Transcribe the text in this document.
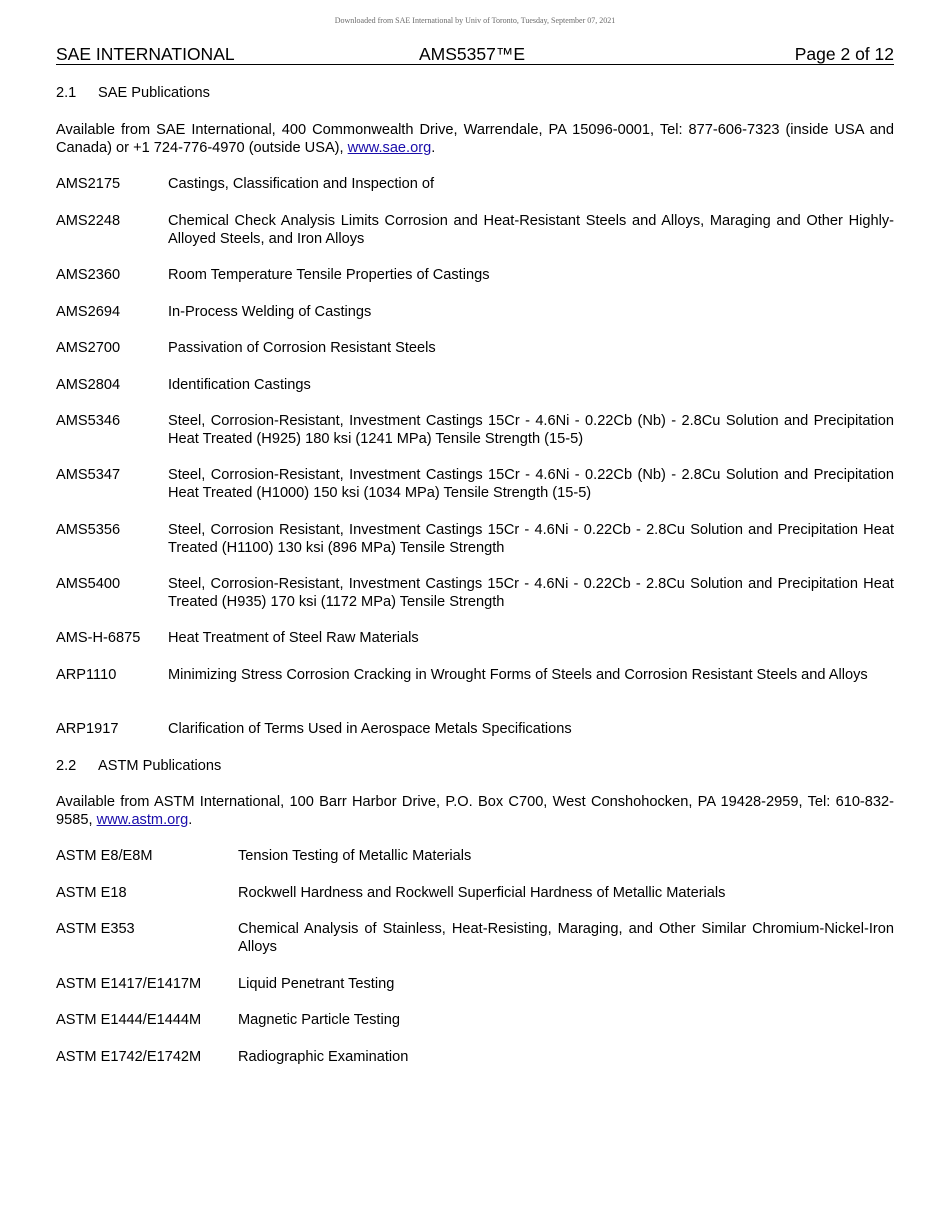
Downloaded from SAE International by Univ of Toronto, Tuesday, September 07, 2021
SAE INTERNATIONAL	AMS5357™E	Page 2 of 12
2.1 SAE Publications
Available from SAE International, 400 Commonwealth Drive, Warrendale, PA 15096-0001, Tel: 877-606-7323 (inside USA and Canada) or +1 724-776-4970 (outside USA), www.sae.org.
AMS2175	Castings, Classification and Inspection of
AMS2248	Chemical Check Analysis Limits Corrosion and Heat-Resistant Steels and Alloys, Maraging and Other Highly-Alloyed Steels, and Iron Alloys
AMS2360	Room Temperature Tensile Properties of Castings
AMS2694	In-Process Welding of Castings
AMS2700	Passivation of Corrosion Resistant Steels
AMS2804	Identification Castings
AMS5346	Steel, Corrosion-Resistant, Investment Castings 15Cr - 4.6Ni - 0.22Cb (Nb) - 2.8Cu Solution and Precipitation Heat Treated (H925) 180 ksi (1241 MPa) Tensile Strength (15-5)
AMS5347	Steel, Corrosion-Resistant, Investment Castings 15Cr - 4.6Ni - 0.22Cb (Nb) - 2.8Cu Solution and Precipitation Heat Treated (H1000) 150 ksi (1034 MPa) Tensile Strength (15-5)
AMS5356	Steel, Corrosion Resistant, Investment Castings 15Cr - 4.6Ni - 0.22Cb - 2.8Cu Solution and Precipitation Heat Treated (H1100) 130 ksi (896 MPa) Tensile Strength
AMS5400	Steel, Corrosion-Resistant, Investment Castings 15Cr - 4.6Ni - 0.22Cb - 2.8Cu Solution and Precipitation Heat Treated (H935) 170 ksi (1172 MPa) Tensile Strength
AMS-H-6875 Heat Treatment of Steel Raw Materials
ARP1110	Minimizing Stress Corrosion Cracking in Wrought Forms of Steels and Corrosion Resistant Steels and Alloys
ARP1917	Clarification of Terms Used in Aerospace Metals Specifications
2.2 ASTM Publications
Available from ASTM International, 100 Barr Harbor Drive, P.O. Box C700, West Conshohocken, PA 19428-2959, Tel: 610-832-9585, www.astm.org.
ASTM E8/E8M	Tension Testing of Metallic Materials
ASTM E18	Rockwell Hardness and Rockwell Superficial Hardness of Metallic Materials
ASTM E353	Chemical Analysis of Stainless, Heat-Resisting, Maraging, and Other Similar Chromium-Nickel-Iron Alloys
ASTM E1417/E1417M	Liquid Penetrant Testing
ASTM E1444/E1444M	Magnetic Particle Testing
ASTM E1742/E1742M	Radiographic Examination
